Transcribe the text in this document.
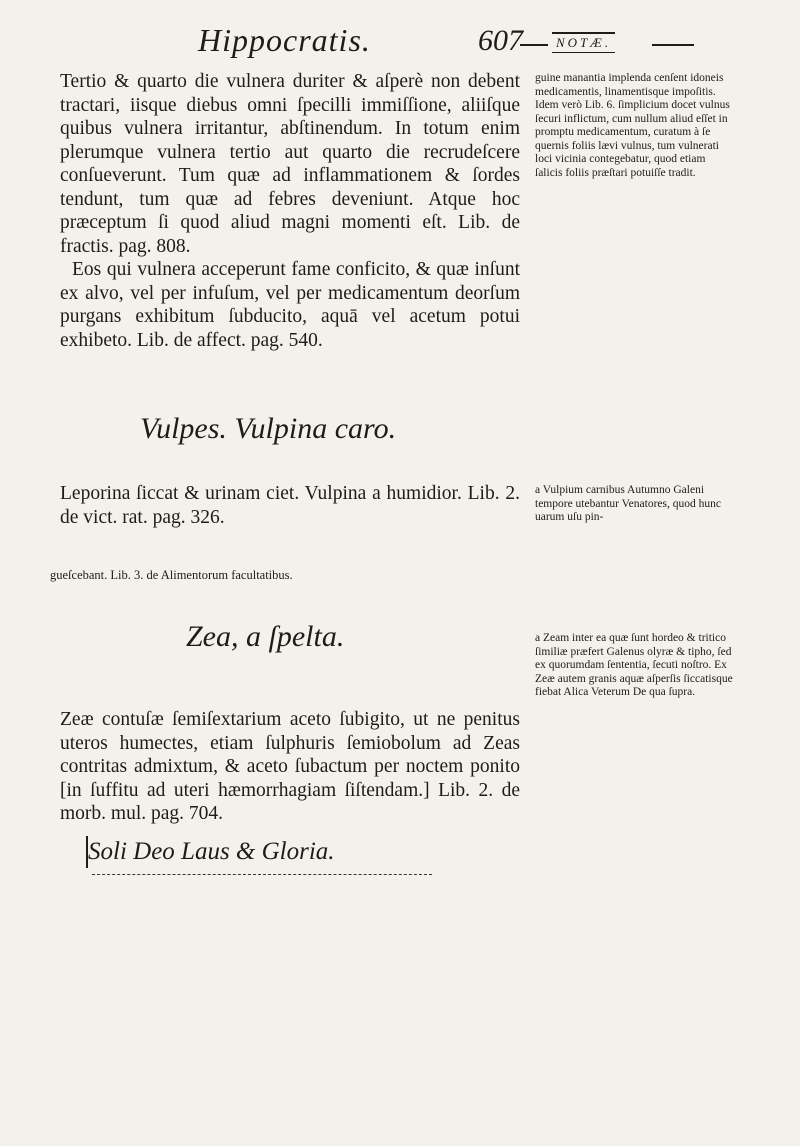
Hippocratis.	607	NOTÆ.

Tertio & quarto die vulnera duriter & aſperè non debent tractari, iisque diebus omni ſpecilli immiſſione, aliiſque quibus vulnera irritantur, abſtinendum. In totum enim plerumque vulnera tertio aut quarto die recrudeſcere conſueverunt. Tum quæ ad inflammationem & ſordes tendunt, tum quæ ad febres deveniunt. Atque hoc præceptum ſi quod aliud magni momenti eſt. Lib. de fractis. pag. 808.

Eos qui vulnera acceperunt fame conficito, & quæ inſunt ex alvo, vel per infuſum, vel per medicamentum deorſum purgans exhibitum ſubducito, aquā vel acetum potui exhibeto. Lib. de affect. pag. 540.

guine manantia implenda cenſent idoneis medicamentis, linamentisque impoſitis. Idem verò Lib. 6. ſimplicium docet vulnus ſecuri inflictum, cum nullum aliud eſſet in promptu medicamentum, curatum à ſe quernis foliis lævi vulnus, tum vulnerati loci vicinia contegebatur, quod etiam ſalicis foliis præſtari potuiſſe tradit.

Vulpes. Vulpina caro.

Leporina ſiccat & urinam ciet. Vulpina a humidior. Lib. 2. de vict. rat. pag. 326.

a Vulpium carnibus Autumno Galeni tempore utebantur Venatores, quod hunc uarum uſu pin-

gueſcebant. Lib. 3. de Alimentorum facultatibus.
Zea, a ſpelta.

Zeæ contuſæ ſemiſextarium aceto ſubigito, ut ne penitus uteros humectes, etiam ſulphuris ſemiobolum ad Zeas contritas admixtum, & aceto ſubactum per noctem ponito [in ſuffitu ad uteri hæmorrhagiam ſiſtendam.] Lib. 2. de morb. mul. pag. 704.

a Zeam inter ea quæ ſunt hordeo & tritico ſimiliæ præfert Galenus olyræ & tipho, ſed ex quorumdam ſententia, ſecuti noſtro. Ex Zeæ autem granis aquæ aſperſis ſiccatisque fiebat Alica Veterum De qua ſupra.

Soli Deo Laus & Gloria.
